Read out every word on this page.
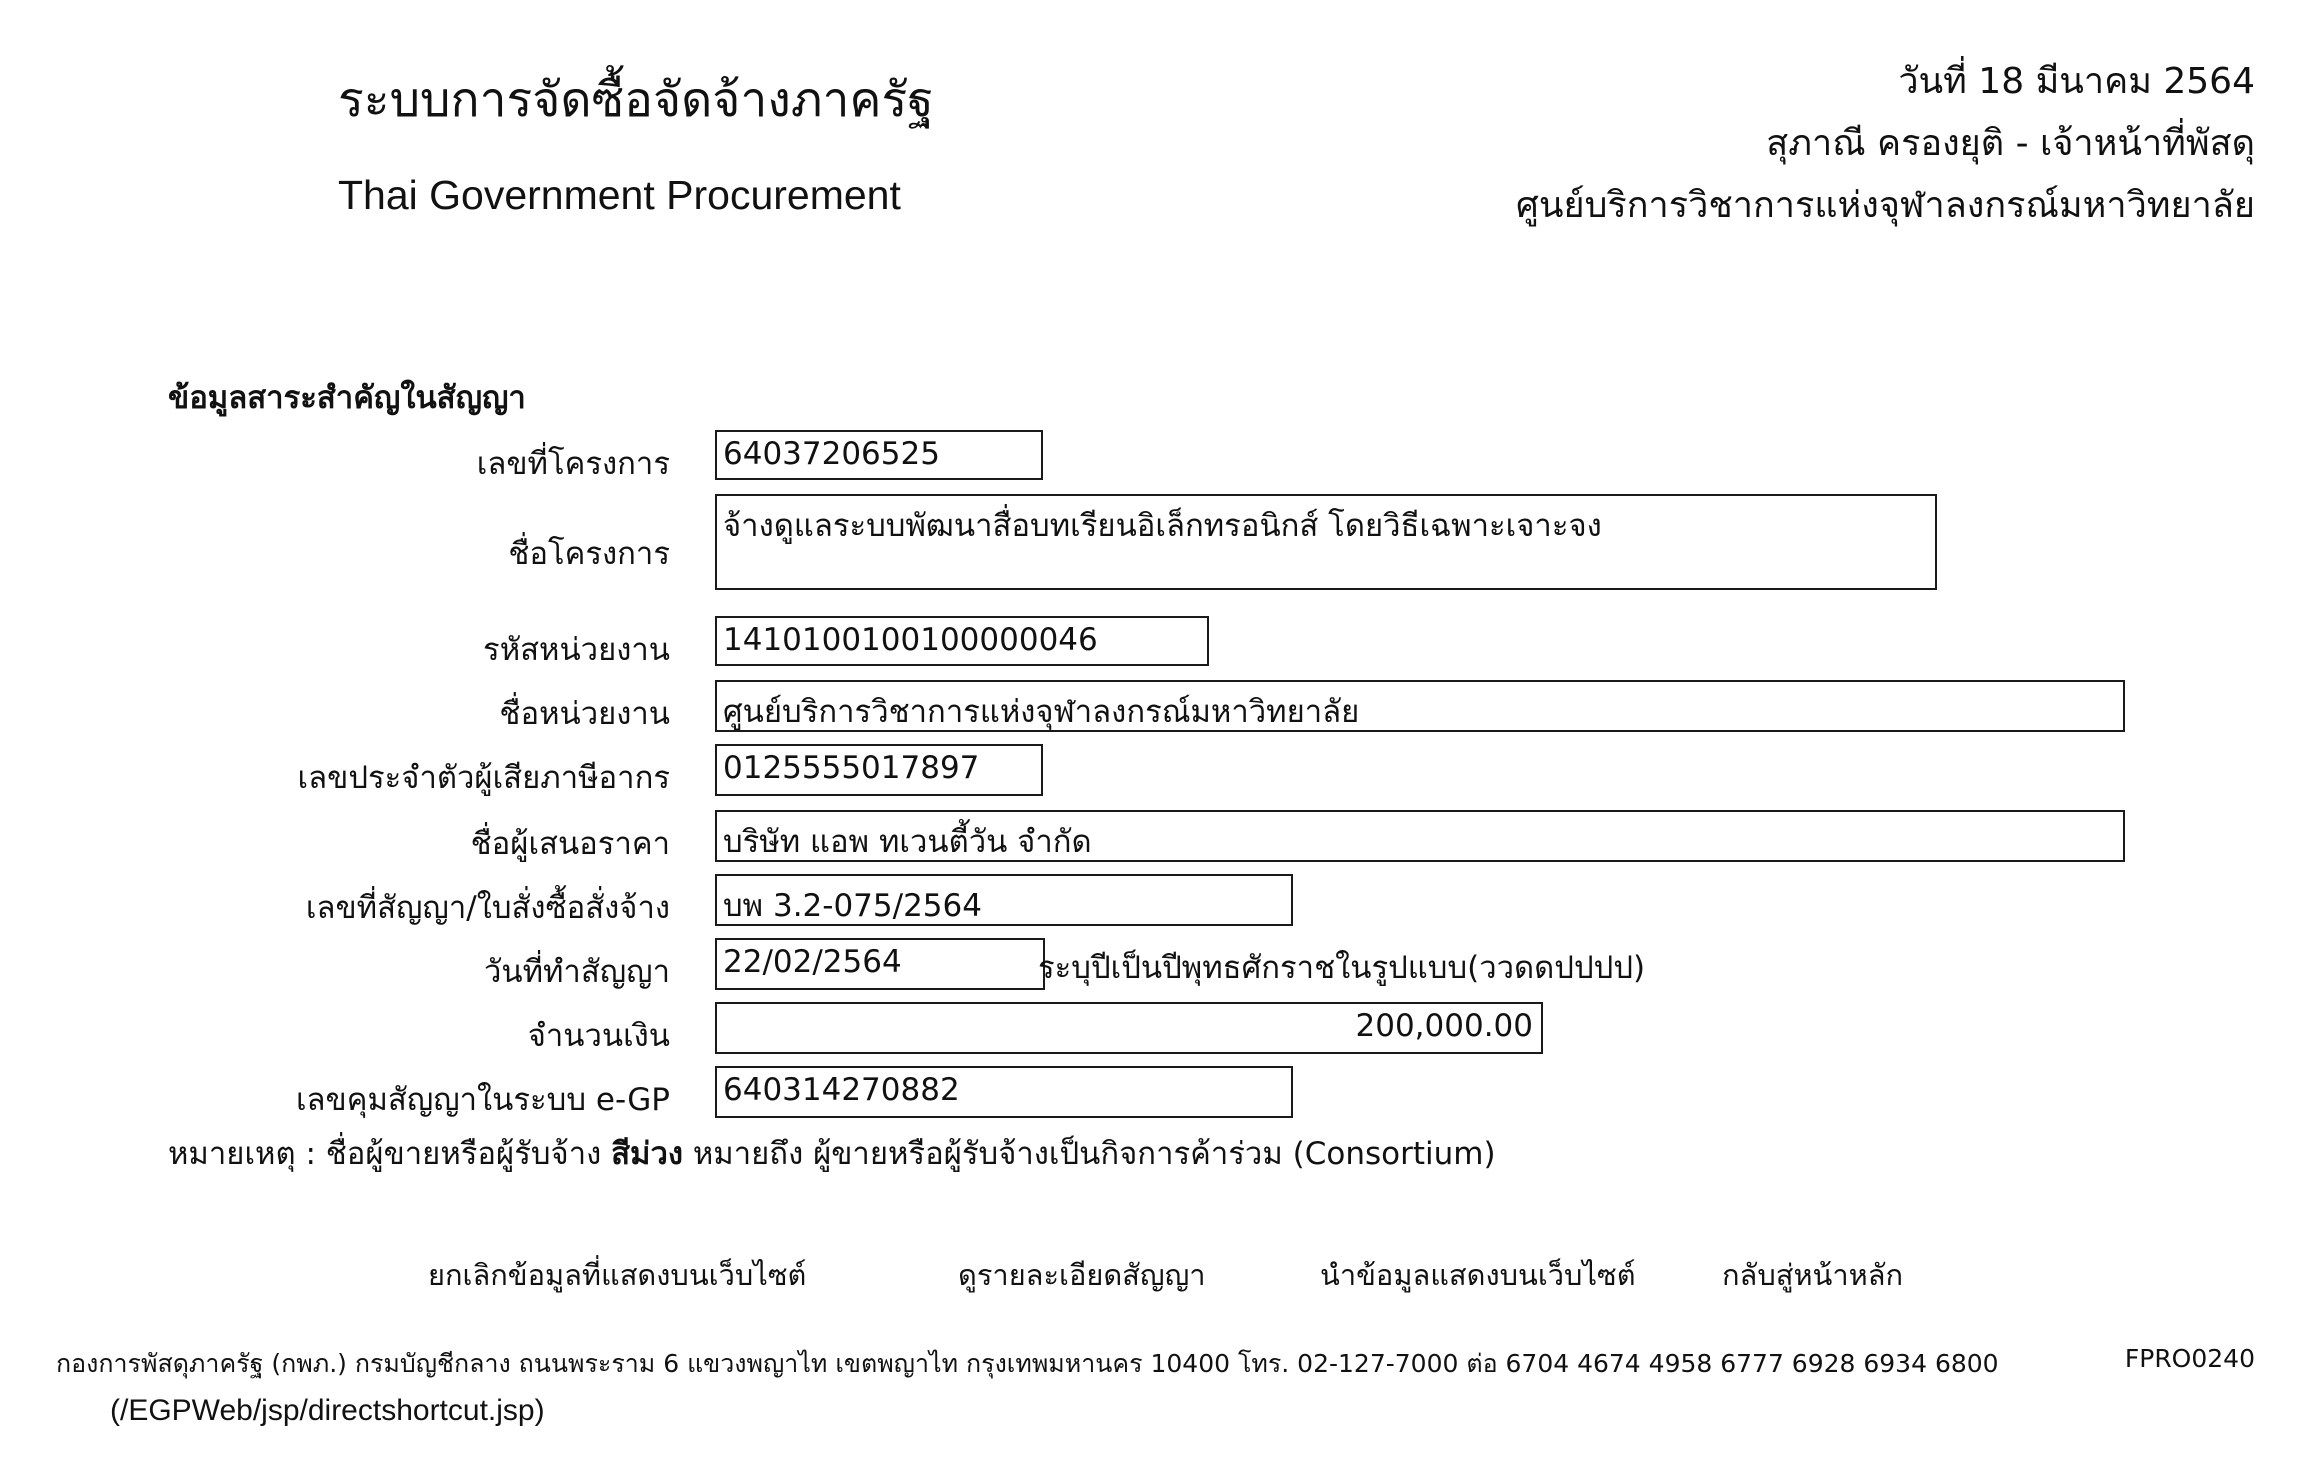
ระบบการจัดซื้อจัดจ้างภาครัฐ
Thai Government Procurement
วันที่ 18 มีนาคม 2564
สุภาณี ครองยุติ - เจ้าหน้าที่พัสดุ
ศูนย์บริการวิชาการแห่งจุฬาลงกรณ์มหาวิทยาลัย
ข้อมูลสาระสำคัญในสัญญา
เลขที่โครงการ 64037206525
ชื่อโครงการ
จ้างดูแลระบบพัฒนาสื่อบทเรียนอิเล็กทรอนิกส์ โดยวิธีเฉพาะเจาะจง
รหัสหน่วยงาน 1410100100100000046
ชื่อหน่วยงาน ศูนย์บริการวิชาการแห่งจุฬาลงกรณ์มหาวิทยาลัย
เลขประจำตัวผู้เสียภาษีอากร 0125555017897
ชื่อผู้เสนอราคา บริษัท แอพ ทเวนตี้วัน จำกัด
เลขที่สัญญา/ใบสั่งซื้อสั่งจ้าง บพ 3.2-075/2564
วันที่ทำสัญญา 22/02/2564	ระบุปีเป็นปีพุทธศักราชในรูปแบบ(ววดดปปปป)
จำนวนเงิน	200,000.00
เลขคุมสัญญาในระบบ e-GP 640314270882
หมายเหตุ : ชื่อผู้ขายหรือผู้รับจ้าง สีม่วง หมายถึง ผู้ขายหรือผู้รับจ้างเป็นกิจการค้าร่วม (Consortium)
ยกเลิกข้อมูลที่แสดงบนเว็บไซต์	ดูรายละเอียดสัญญา	นำข้อมูลแสดงบนเว็บไซต์	กลับสู่หน้าหลัก
กองการพัสดุภาครัฐ (กพภ.) กรมบัญชีกลาง ถนนพระราม 6 แขวงพญาไท เขตพญาไท กรุงเทพมหานคร 10400 โทร. 02-127-7000 ต่อ 6704 4674 4958 6777 6928 6934 6800	FPRO0240
(/EGPWeb/jsp/directshortcut.jsp)
